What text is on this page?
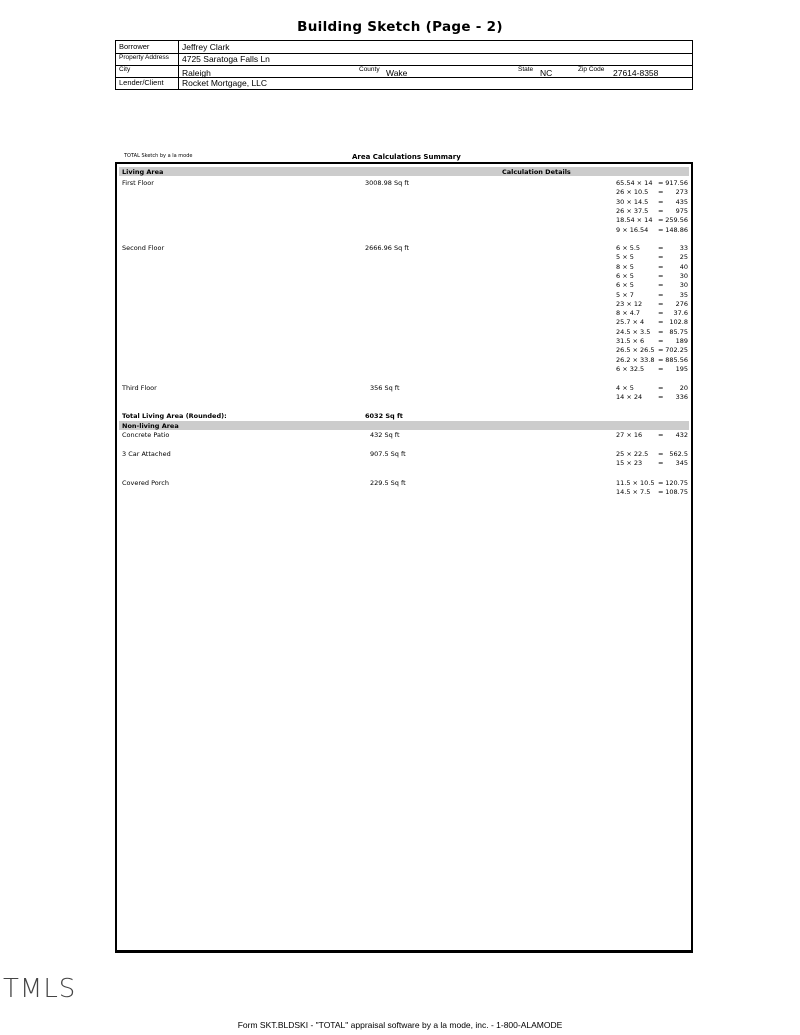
Building Sketch (Page - 2)
Borrower	Jeffrey Clark
Property Address 4725 Saratoga Falls Ln
City	Raleigh	County Wake	State NC	Zip Code 27614-8358
Lender/Client Rocket Mortgage, LLC
TOTAL Sketch by a la mode	Area Calculations Summary
Living Area	Calculation Details
First Floor	3008.98 Sq ft	65.54 × 14 = 917.56
26 × 10.5 =	273
30 × 14.5 =	435
26 × 37.5 =	975
18.54 × 14 = 259.56
9 × 16.54 = 148.86
Second Floor	2666.96 Sq ft	6 × 5.5	=	33
5 × 5	=	25
8 × 5	=	40
6 × 5	=	30
6 × 5	=	30
5 × 7	=	35
23 × 12 =	276
8 × 4.7	=	37.6
25.7 × 4 = 102.8
24.5 × 3.5 = 85.75
31.5 × 6 =	189
26.5 × 26.5 = 702.25
26.2 × 33.8 = 885.56
6 × 32.5 =	195
Third Floor	356 Sq ft	4 × 5	=	20
14 × 24 =	336
Total Living Area (Rounded):	6032 Sq ft
Non-living Area
Concrete Patio	432 Sq ft	27 × 16 =	432
3 Car Attached	907.5 Sq ft	25 × 22.5 = 562.5
15 × 23 =	345
Covered Porch	229.5 Sq ft	11.5 × 10.5 = 120.75
14.5 × 7.5 = 108.75
TMLS
Form SKT.BLDSKI - "TOTAL" appraisal software by a la mode, inc. - 1-800-ALAMODE
